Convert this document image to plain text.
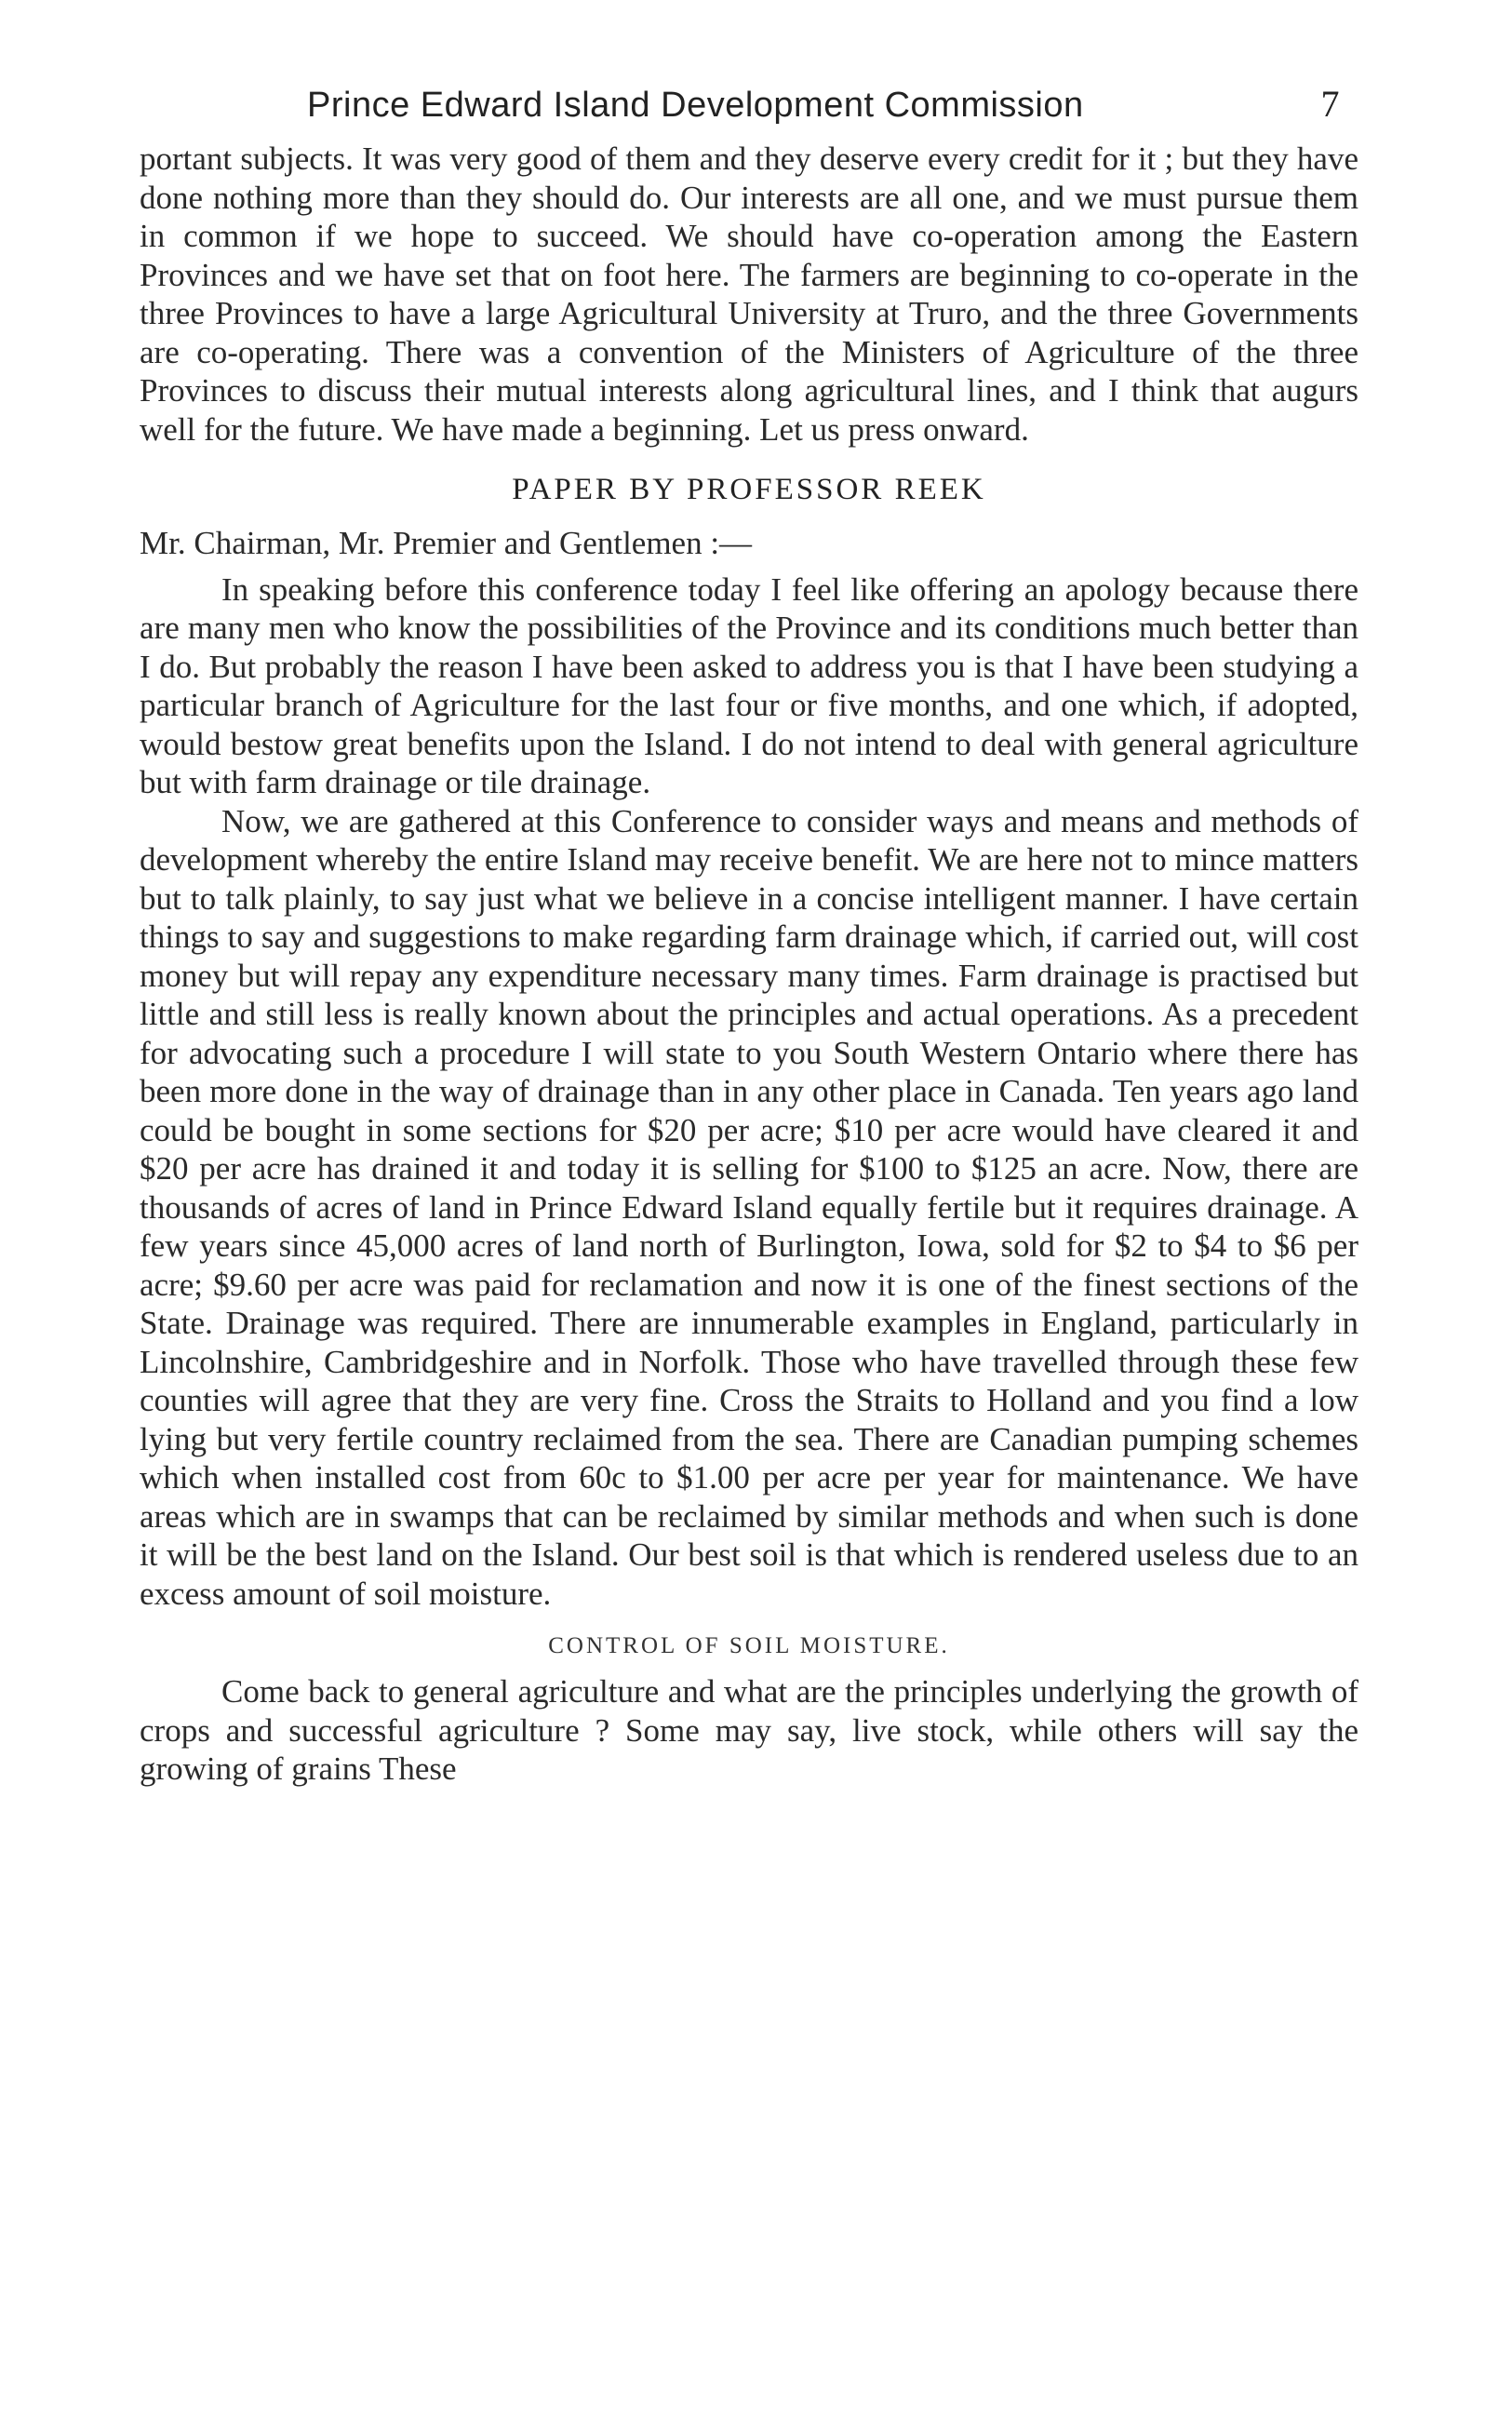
Prince Edward Island Development Commission	7

portant subjects. It was very good of them and they deserve every credit for it ; but they have done nothing more than they should do. Our interests are all one, and we must pursue them in common if we hope to succeed. We should have co-operation among the Eastern Provinces and we have set that on foot here. The farmers are beginning to co-operate in the three Provinces to have a large Agricultural University at Truro, and the three Governments are co-operating. There was a convention of the Ministers of Agriculture of the three Provinces to discuss their mutual interests along agricultural lines, and I think that augurs well for the future. We have made a beginning. Let us press onward.

PAPER BY PROFESSOR REEK

Mr. Chairman, Mr. Premier and Gentlemen :—

In speaking before this conference today I feel like offering an apology because there are many men who know the possibilities of the Province and its conditions much better than I do. But probably the reason I have been asked to address you is that I have been studying a particular branch of Agriculture for the last four or five months, and one which, if adopted, would bestow great benefits upon the Island. I do not intend to deal with general agriculture but with farm drainage or tile drainage.

Now, we are gathered at this Conference to consider ways and means and methods of development whereby the entire Island may receive benefit. We are here not to mince matters but to talk plainly, to say just what we believe in a concise intelligent manner. I have certain things to say and suggestions to make regarding farm drainage which, if carried out, will cost money but will repay any expenditure necessary many times. Farm drainage is practised but little and still less is really known about the principles and actual operations. As a precedent for advocating such a procedure I will state to you South Western Ontario where there has been more done in the way of drainage than in any other place in Canada. Ten years ago land could be bought in some sections for $20 per acre; $10 per acre would have cleared it and $20 per acre has drained it and today it is selling for $100 to $125 an acre. Now, there are thousands of acres of land in Prince Edward Island equally fertile but it requires drainage. A few years since 45,000 acres of land north of Burlington, Iowa, sold for $2 to $4 to $6 per acre; $9.60 per acre was paid for reclamation and now it is one of the finest sections of the State. Drainage was required. There are innumerable examples in England, particularly in Lincolnshire, Cambridgeshire and in Norfolk. Those who have travelled through these few counties will agree that they are very fine. Cross the Straits to Holland and you find a low lying but very fertile country reclaimed from the sea. There are Canadian pumping schemes which when installed cost from 60c to $1.00 per acre per year for maintenance. We have areas which are in swamps that can be reclaimed by similar methods and when such is done it will be the best land on the Island. Our best soil is that which is rendered useless due to an excess amount of soil moisture.

CONTROL OF SOIL MOISTURE.

Come back to general agriculture and what are the principles underlying the growth of crops and successful agriculture ? Some may say, live stock, while others will say the growing of grains These
